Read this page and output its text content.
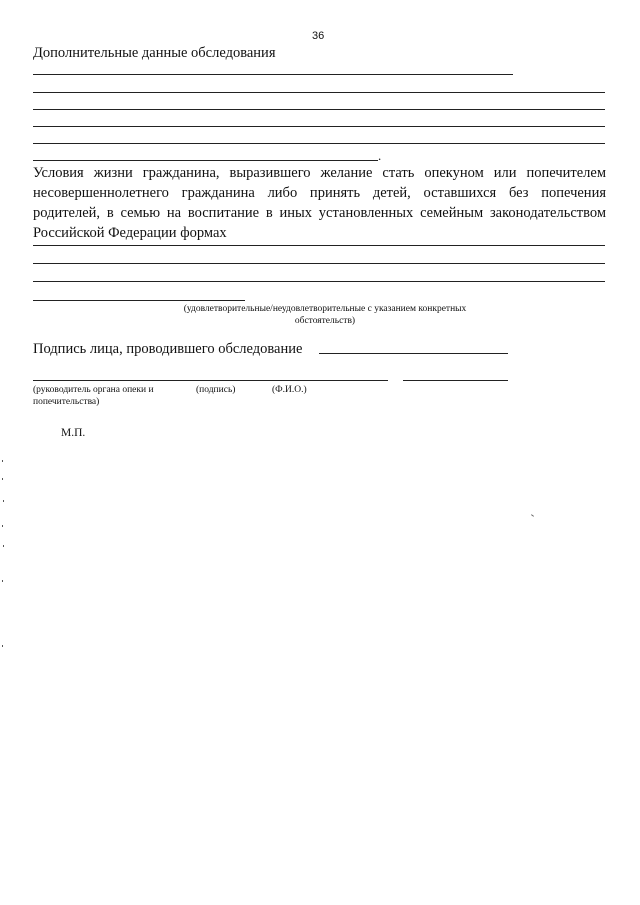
36
Дополнительные данные обследования
.
Условия жизни гражданина, выразившего желание стать опекуном или попечителем несовершеннолетнего гражданина либо принять детей, оставшихся без попечения родителей, в семью на воспитание в иных установленных семейным законодательством Российской Федерации формах
(удовлетворительные/неудовлетворительные с указанием конкретных
обстоятельств)
Подпись лица, проводившего обследование
(руководитель органа опеки и
попечительства)
(подпись)	(Ф.И.О.)
М.П.
